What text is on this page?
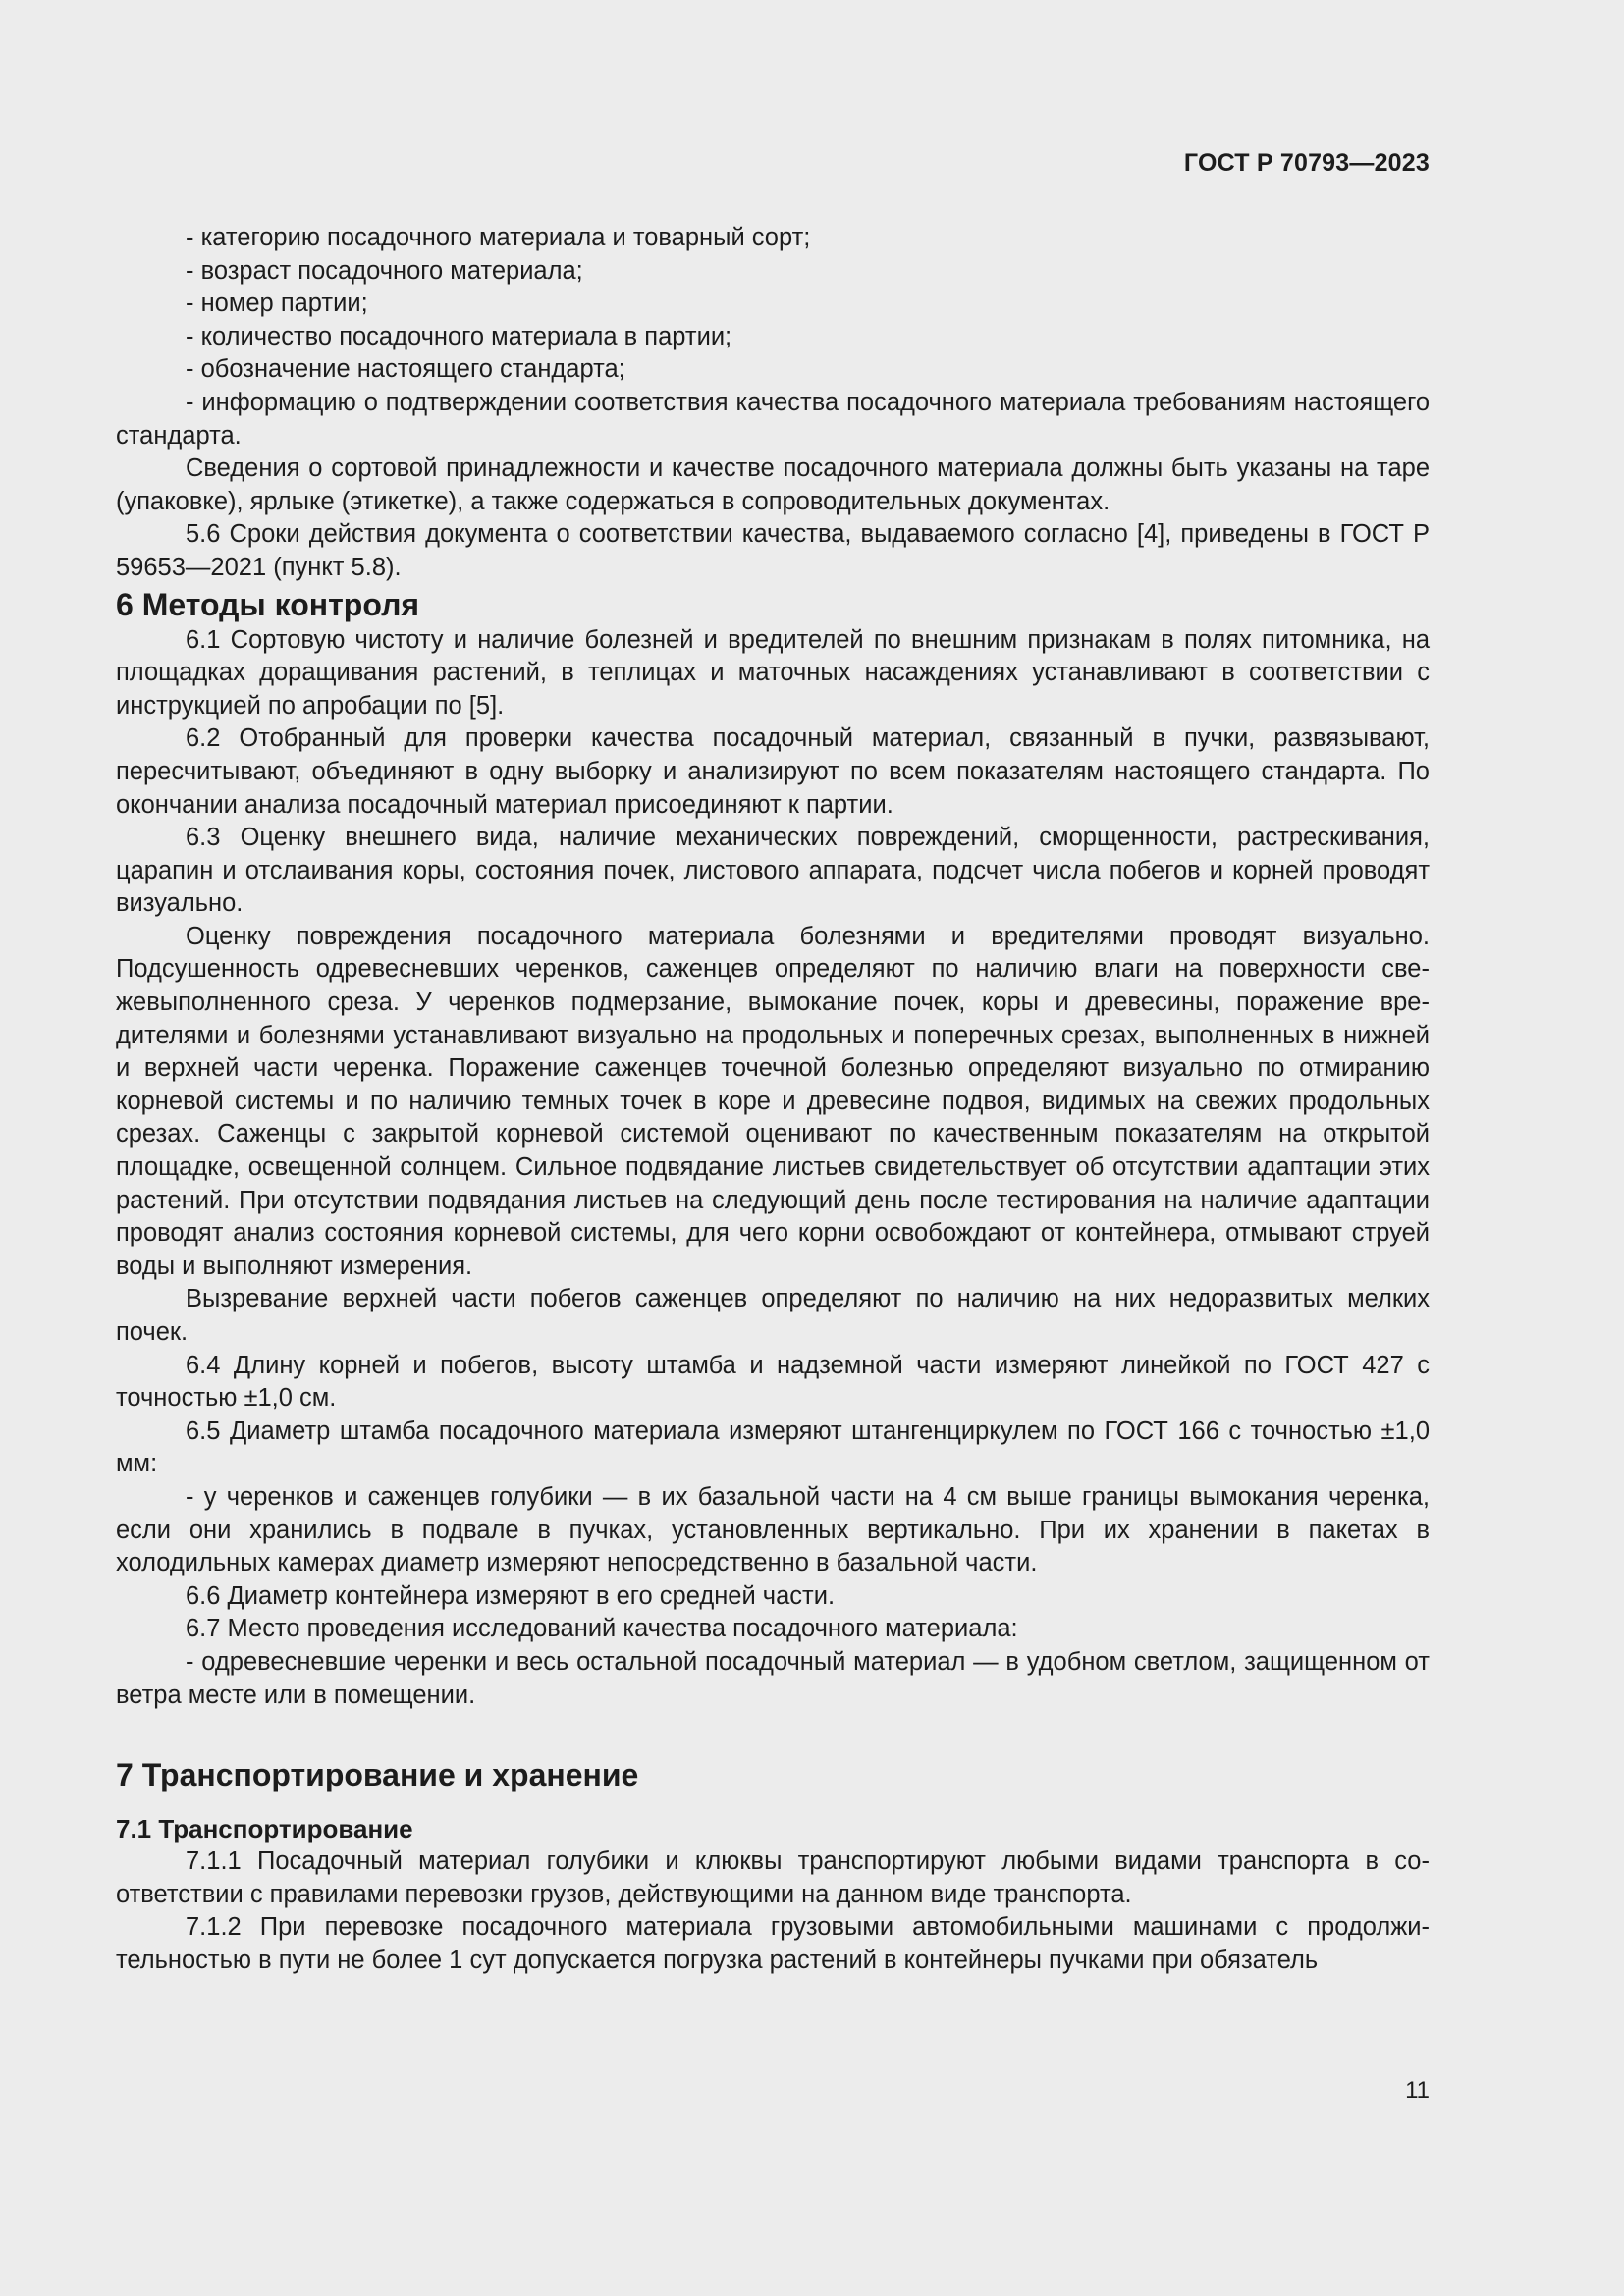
ГОСТ Р 70793—2023

- категорию посадочного материала и товарный сорт;

- возраст посадочного материала;

- номер партии;

- количество посадочного материала в партии;

- обозначение настоящего стандарта;

- информацию о подтверждении соответствия качества посадочного материала требованиям настоящего стандарта.

Сведения о сортовой принадлежности и качестве посадочного материала должны быть указаны на таре (упаковке), ярлыке (этикетке), а также содержаться в сопроводительных документах.

5.6 Сроки действия документа о соответствии качества, выдаваемого согласно [4], приведены в ГОСТ Р 59653—2021 (пункт 5.8).

6 Методы контроля

6.1 Сортовую чистоту и наличие болезней и вредителей по внешним признакам в полях питомника, на площадках доращивания растений, в теплицах и маточных насаждениях устанавливают в соответствии с инструкцией по апробации по [5].

6.2 Отобранный для проверки качества посадочный материал, связанный в пучки, развязывают, пересчитывают, объединяют в одну выборку и анализируют по всем показателям настоящего стандарта. По окончании анализа посадочный материал присоединяют к партии.

6.3 Оценку внешнего вида, наличие механических повреждений, сморщенности, растрескивания, царапин и отслаивания коры, состояния почек, листового аппарата, подсчет числа побегов и корней проводят визуально.

Оценку повреждения посадочного материала болезнями и вредителями проводят визуально. Подсушенность одревесневших черенков, саженцев определяют по наличию влаги на поверхности свежевыполненного среза. У черенков подмерзание, вымокание почек, коры и древесины, поражение вредителями и болезнями устанавливают визуально на продольных и поперечных срезах, выполненных в нижней и верхней части черенка. Поражение саженцев точечной болезнью определяют визуально по отмиранию корневой системы и по наличию темных точек в коре и древесине подвоя, видимых на свежих продольных срезах. Саженцы с закрытой корневой системой оценивают по качественным показателям на открытой площадке, освещенной солнцем. Сильное подвядание листьев свидетельствует об отсутствии адаптации этих растений. При отсутствии подвядания листьев на следующий день после тестирования на наличие адаптации проводят анализ состояния корневой системы, для чего корни освобождают от контейнера, отмывают струей воды и выполняют измерения.

Вызревание верхней части побегов саженцев определяют по наличию на них недоразвитых мелких почек.

6.4 Длину корней и побегов, высоту штамба и надземной части измеряют линейкой по ГОСТ 427 с точностью ±1,0 см.

6.5 Диаметр штамба посадочного материала измеряют штангенциркулем по ГОСТ 166 с точностью ±1,0 мм:

- у черенков и саженцев голубики — в их базальной части на 4 см выше границы вымокания черенка, если они хранились в подвале в пучках, установленных вертикально. При их хранении в пакетах в холодильных камерах диаметр измеряют непосредственно в базальной части.

6.6 Диаметр контейнера измеряют в его средней части.

6.7 Место проведения исследований качества посадочного материала:

- одревесневшие черенки и весь остальной посадочный материал — в удобном светлом, защищенном от ветра месте или в помещении.

7 Транспортирование и хранение

7.1 Транспортирование

7.1.1 Посадочный материал голубики и клюквы транспортируют любыми видами транспорта в соответствии с правилами перевозки грузов, действующими на данном виде транспорта.

7.1.2 При перевозке посадочного материала грузовыми автомобильными машинами с продолжительностью в пути не более 1 сут допускается погрузка растений в контейнеры пучками при обязатель

11
